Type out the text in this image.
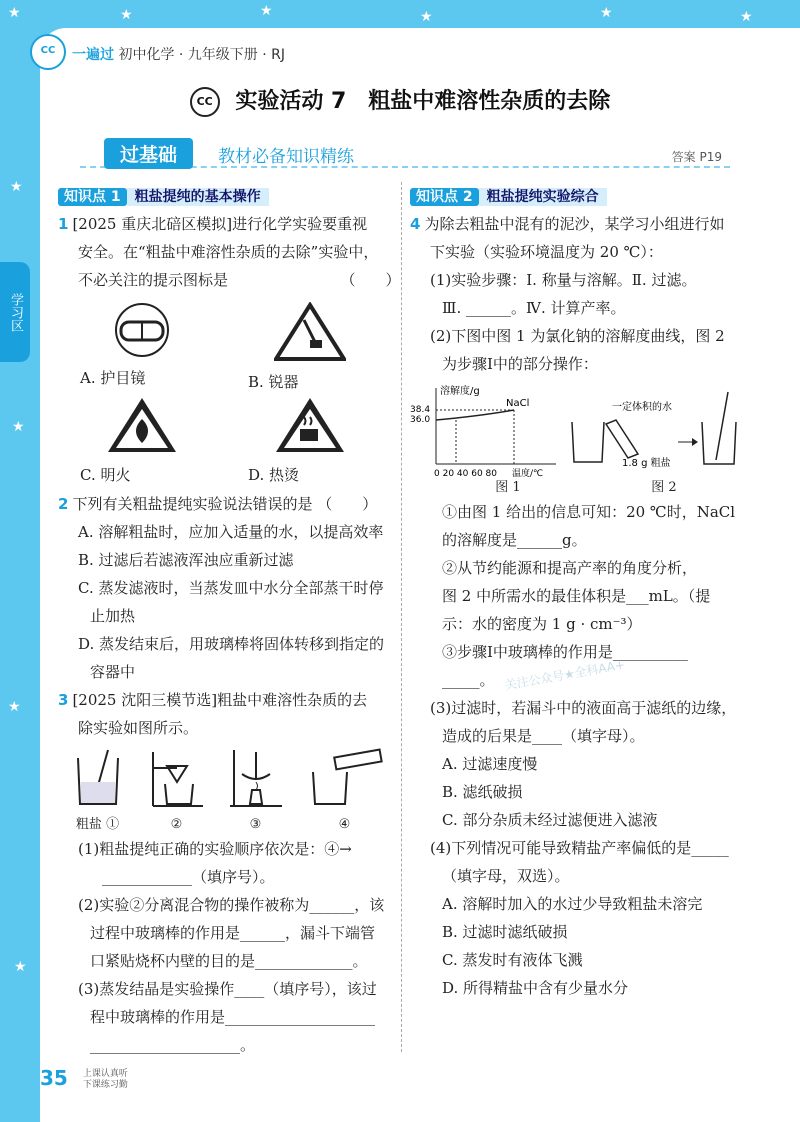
★	★	★	★	★	★
★
★
★
★
CC	一遍过 初中化学 · 九年级下册 · RJ
CC 实验活动 7　粗盐中难溶性杂质的去除
过基础	教材必备知识精练	答案 P19
学习区
知识点 1 粗盐提纯的基本操作
1 [2025 重庆北碚区模拟]进行化学实验要重视
安全。在“粗盐中难溶性杂质的去除”实验中，
不必关注的提示图标是　　　　　　　　（　　）
A. 护目镜	B. 锐器
C. 明火	D. 热烫
2 下列有关粗盐提纯实验说法错误的是 （　　）
A. 溶解粗盐时，应加入适量的水，以提高效率
B. 过滤后若滤液浑浊应重新过滤
C. 蒸发滤液时，当蒸发皿中水分全部蒸干时停
止加热
D. 蒸发结束后，用玻璃棒将固体转移到指定的
容器中
3 [2025 沈阳三模节选]粗盐中难溶性杂质的去
除实验如图所示。
粗盐 ①	②	③	④
(1)粗盐提纯正确的实验顺序依次是：④→
____________（填序号）。
(2)实验②分离混合物的操作被称为______，该
过程中玻璃棒的作用是______，漏斗下端管
口紧贴烧杯内壁的目的是_____________。
(3)蒸发结晶是实验操作____（填序号），该过
程中玻璃棒的作用是____________________
____________________。
知识点 2 粗盐提纯实验综合
4 为除去粗盐中混有的泥沙，某学习小组进行如
下实验（实验环境温度为 20 ℃）：
(1)实验步骤：Ⅰ. 称量与溶解。Ⅱ. 过滤。
Ⅲ. ______。Ⅳ. 计算产率。
(2)下图中图 1 为氯化钠的溶解度曲线，图 2
为步骤Ⅰ中的部分操作：
溶解度/g
NaCl
38.4
36.0
0 20 40 60 80 温度/℃
一定体积的水
1.8 g 粗盐
图 1	图 2
①由图 1 给出的信息可知：20 ℃时，NaCl
的溶解度是______g。
②从节约能源和提高产率的角度分析，
图 2 中所需水的最佳体积是___mL。（提
示：水的密度为 1 g · cm⁻³）
③步骤Ⅰ中玻璃棒的作用是__________
_____。
(3)过滤时，若漏斗中的液面高于滤纸的边缘，
造成的后果是____（填字母）。
A. 过滤速度慢
B. 滤纸破损
C. 部分杂质未经过滤便进入滤液
(4)下列情况可能导致精盐产率偏低的是_____
（填字母，双选）。
A. 溶解时加入的水过少导致粗盐未溶完
B. 过滤时滤纸破损
C. 蒸发时有液体飞溅
D. 所得精盐中含有少量水分
关注公众号★全科AA+
35 上课认真听
下课练习勤
